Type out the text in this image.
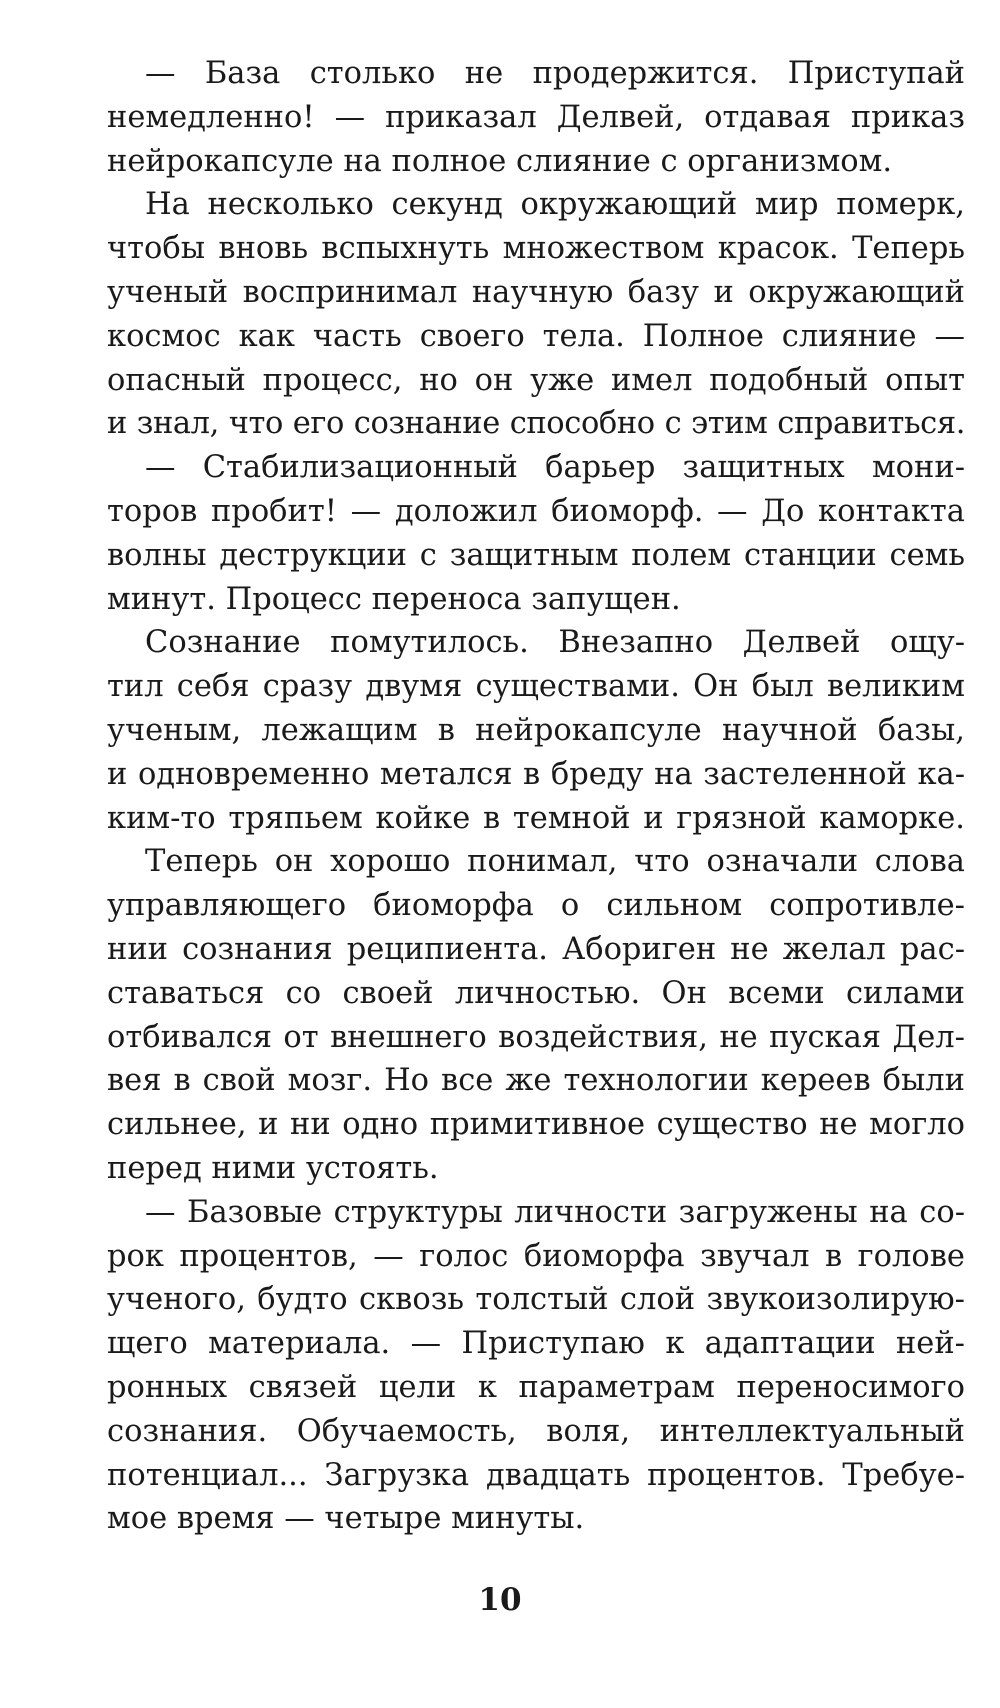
— База столько не продержится. Приступай
немедленно! — приказал Делвей, отдавая приказ
нейрокапсуле на полное слияние с организмом.

На несколько секунд окружающий мир померк,
чтобы вновь вспыхнуть множеством красок. Теперь
ученый воспринимал научную базу и окружающий
космос как часть своего тела. Полное слияние —
опасный процесс, но он уже имел подобный опыт
и знал, что его сознание способно с этим справиться.

— Стабилизационный барьер защитных мони-
торов пробит! — доложил биоморф. — До контакта
волны деструкции с защитным полем станции семь
минут. Процесс переноса запущен.

Сознание помутилось. Внезапно Делвей ощу-
тил себя сразу двумя существами. Он был великим
ученым, лежащим в нейрокапсуле научной базы,
и одновременно метался в бреду на застеленной ка-
ким-то тряпьем койке в темной и грязной каморке.

Теперь он хорошо понимал, что означали слова
управляющего биоморфа о сильном сопротивле-
нии сознания реципиента. Абориген не желал рас-
ставаться со своей личностью. Он всеми силами
отбивался от внешнего воздействия, не пуская Дел-
вея в свой мозг. Но все же технологии кереев были
сильнее, и ни одно примитивное существо не могло
перед ними устоять.

— Базовые структуры личности загружены на со-
рок процентов, — голос биоморфа звучал в голове
ученого, будто сквозь толстый слой звукоизолирую-
щего материала. — Приступаю к адаптации ней-
ронных связей цели к параметрам переносимого
сознания. Обучаемость, воля, интеллектуальный
потенциал... Загрузка двадцать процентов. Требуе-
мое время — четыре минуты.

10
